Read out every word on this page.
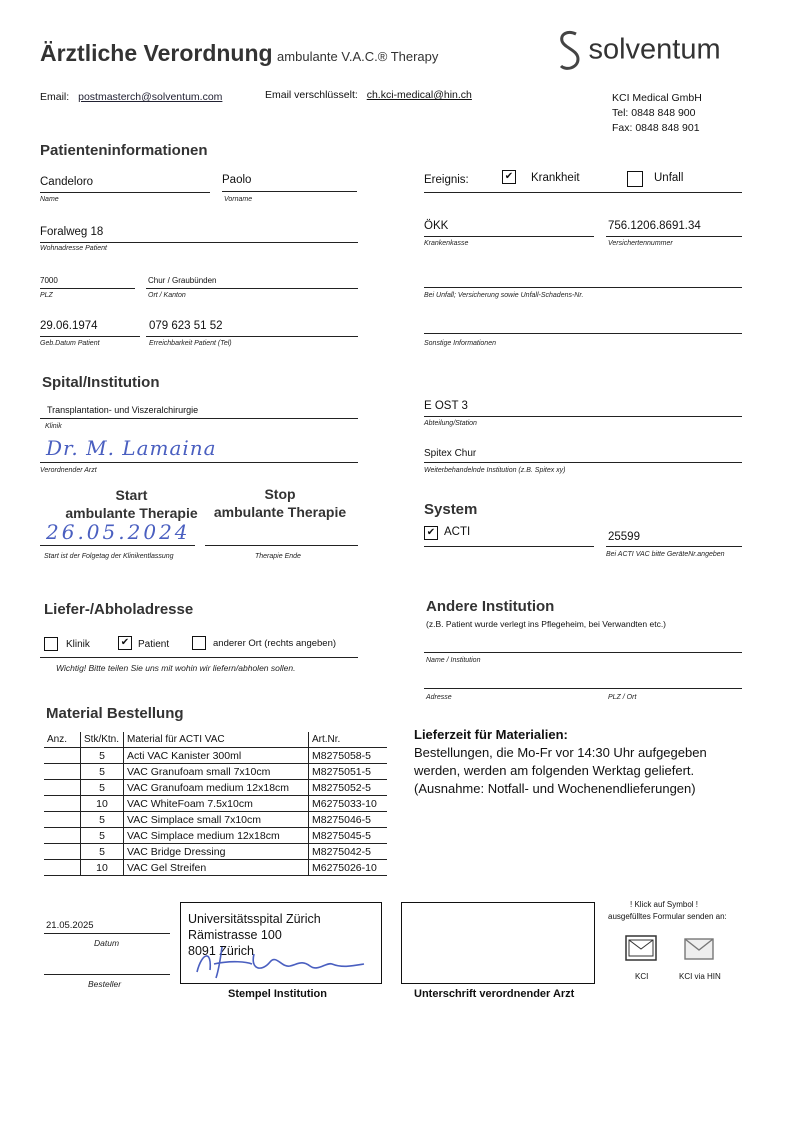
Ärztliche Verordnung ambulante V.A.C.® Therapy	solventum
Email: postmasterch@solventum.com	Email verschlüsselt: ch.kci-medical@hin.ch	KCI Medical GmbH
Tel: 0848 848 900
Fax: 0848 848 901
Patienteninformationen
Candeloro
Name
Paolo
Vorname
Foralweg 18
Wohnadresse Patient
7000
PLZ
Chur / Graubünden
Ort / Kanton
29.06.1974
Geb.Datum Patient
079 623 51 52
Erreichbarkeit Patient (Tel)
Ereignis:	✔ Krankheit	Unfall
ÖKK
Krankenkasse
756.1206.8691.34
Versichertennummer
Bei Unfall; Versicherung sowie Unfall-Schadens-Nr.
Sonstige Informationen
Spital/Institution
Transplantation- und Viszeralchirurgie
Klinik
Dr. M. Lamaina
Verordnender Arzt
E OST 3
Abteilung/Station
Spitex Chur
Weiterbehandelnde Institution (z.B. Spitex xy)
Start
ambulante Therapie
26.05.2024
Start ist der Folgetag der Klinikentlassung
Stop
ambulante Therapie
Therapie Ende
System
✔ ACTI	25599
Bei ACTI VAC bitte GeräteNr.angeben
Liefer-/Abholadresse
Klinik	✔ Patient	anderer Ort (rechts angeben)
Wichtig! Bitte teilen Sie uns mit wohin wir liefern/abholen sollen.
Andere Institution
(z.B. Patient wurde verlegt ins Pflegeheim, bei Verwandten etc.)
Name / Institution
Adresse	PLZ / Ort
Material Bestellung
Anz.	Stk/Ktn.	Material für ACTI VAC	Art.Nr.
	5	Acti VAC Kanister 300ml	M8275058-5
	5	VAC Granufoam small 7x10cm	M8275051-5
	5	VAC Granufoam medium 12x18cm	M8275052-5
	10	VAC WhiteFoam 7.5x10cm	M6275033-10
	5	VAC Simplace small 7x10cm	M8275046-5
	5	VAC Simplace medium 12x18cm	M8275045-5
	5	VAC Bridge Dressing	M8275042-5
	10	VAC Gel Streifen	M6275026-10
Lieferzeit für Materialien:
Bestellungen, die Mo-Fr vor 14:30 Uhr aufgegeben
werden, werden am folgenden Werktag geliefert.
(Ausnahme: Notfall- und Wochenendlieferungen)
21.05.2025
Datum
Besteller
Universitätsspital Zürich
Rämistrasse 100
8091 Zürich
Stempel Institution	Unterschrift verordnender Arzt
! Klick auf Symbol !
ausgefülltes Formular senden an:
KCI	KCI via HIN
